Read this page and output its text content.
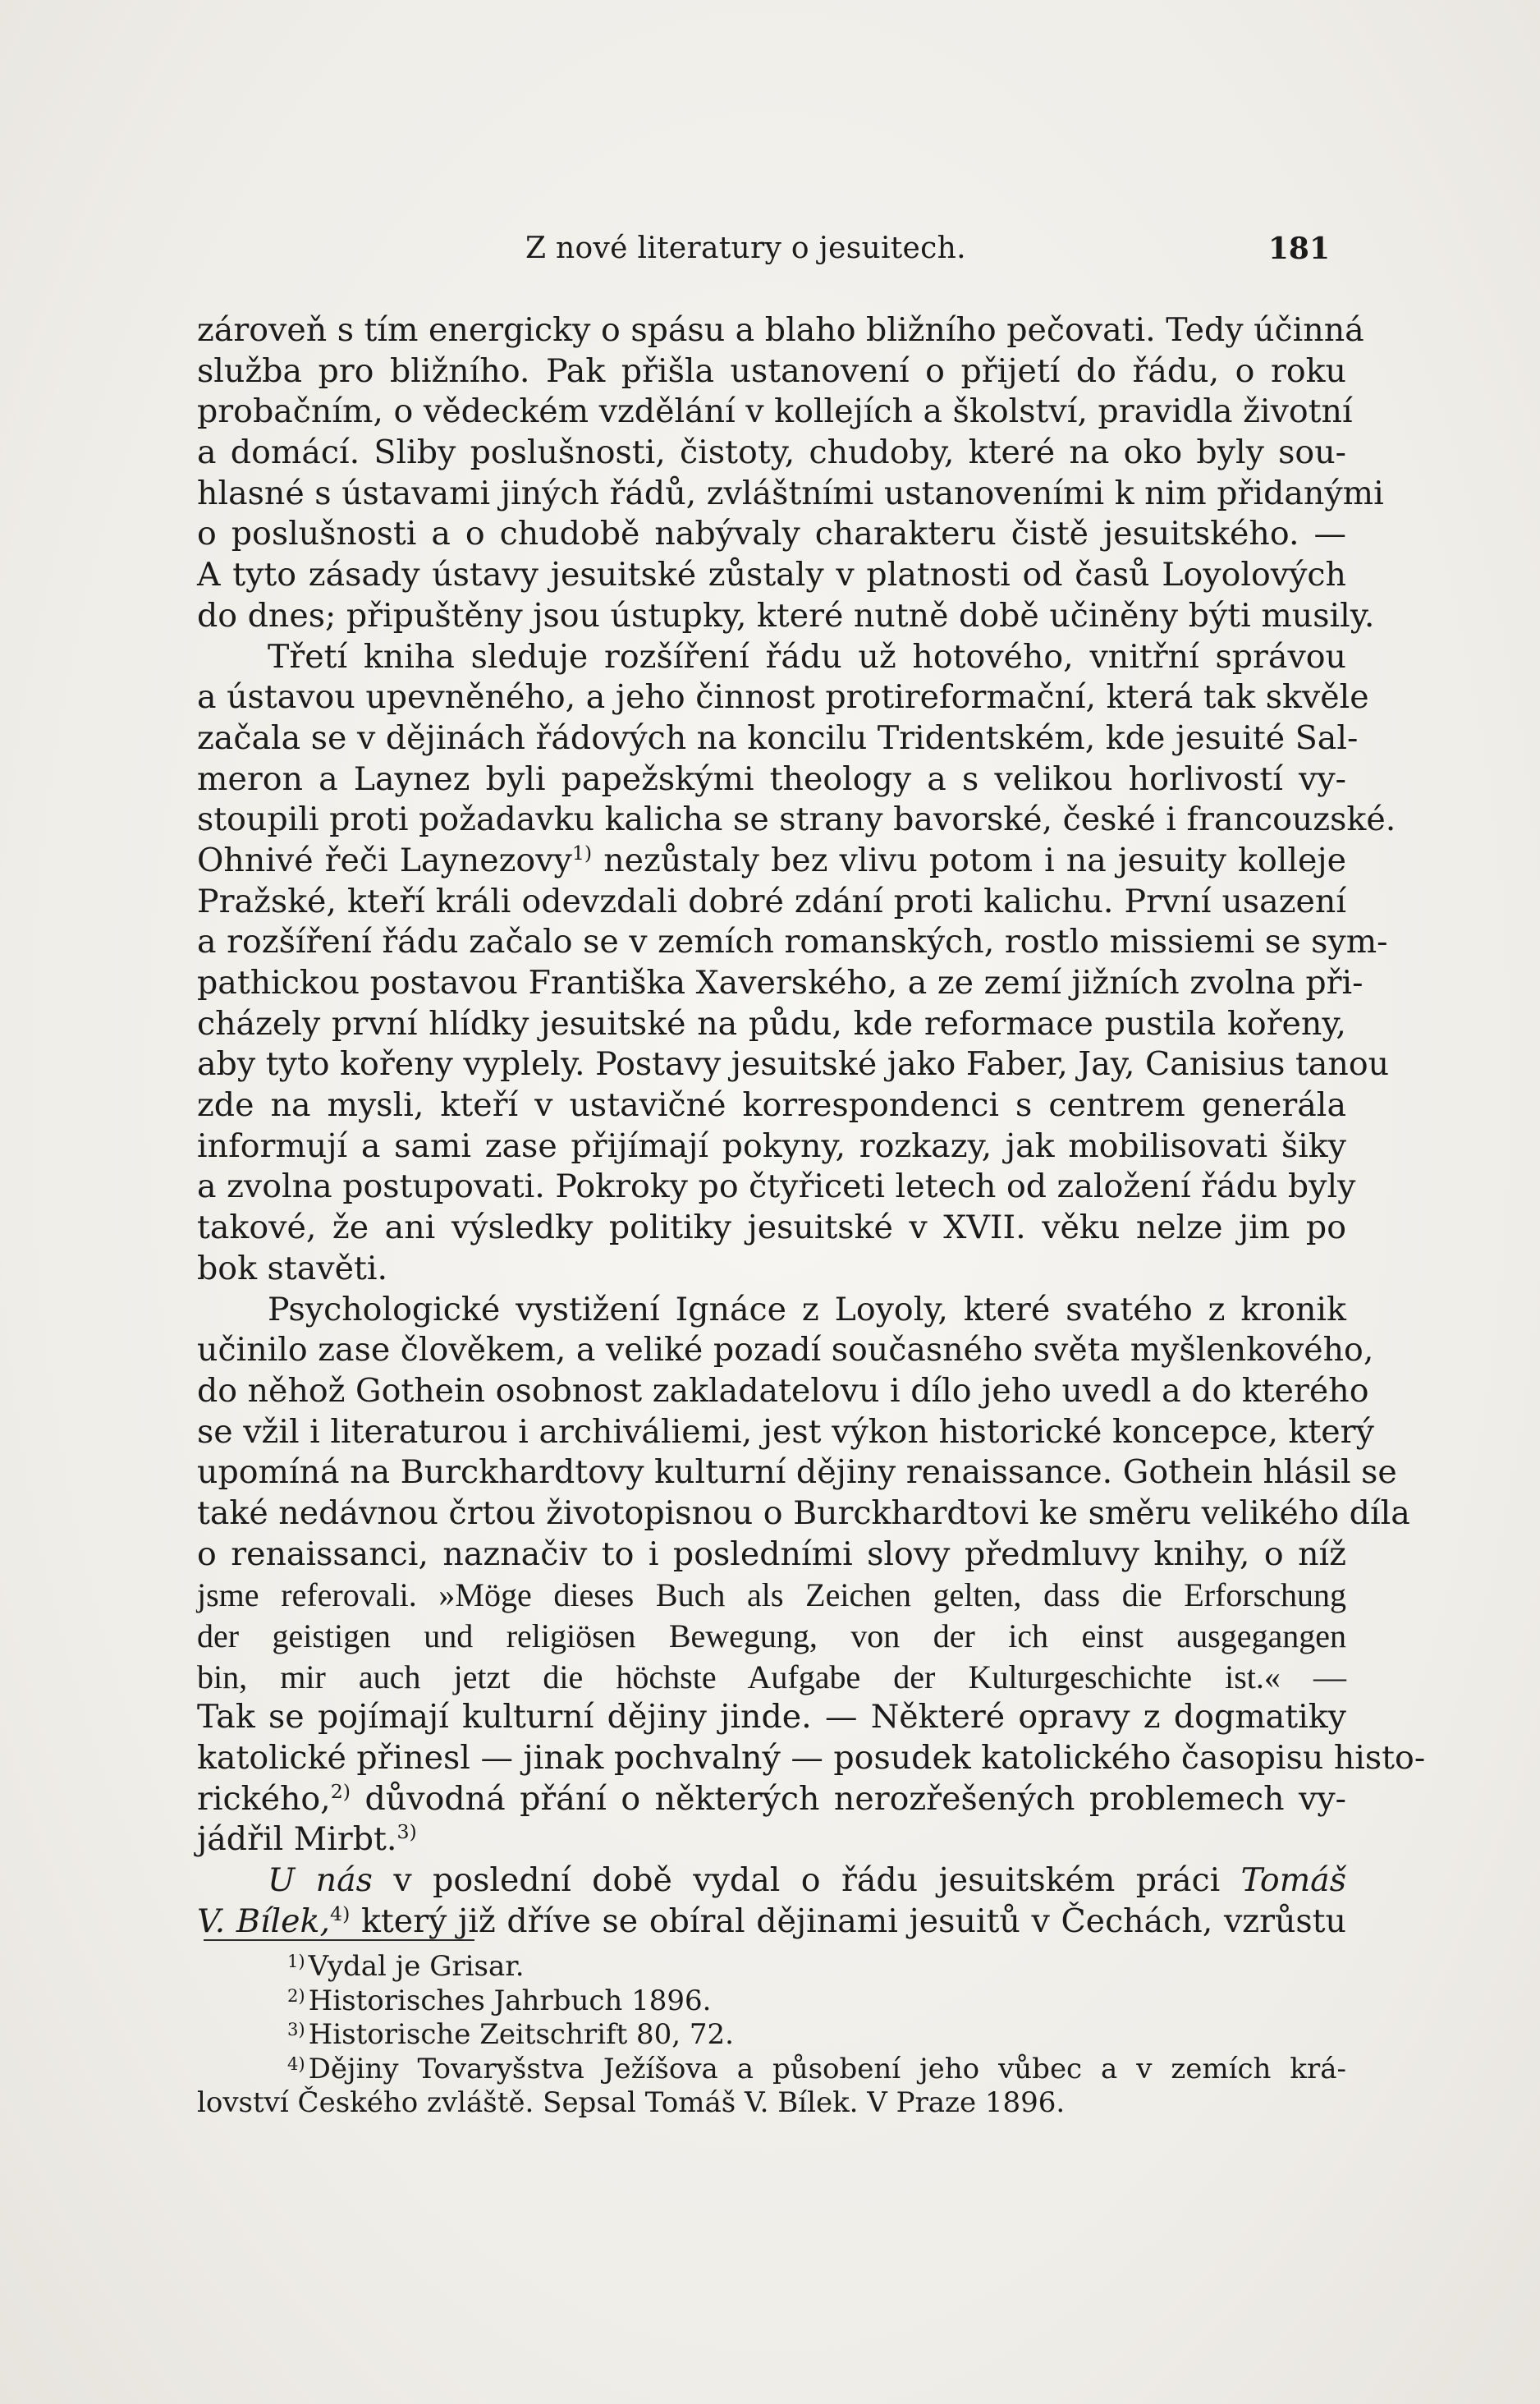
Z nové literatury o jesuitech.	181
zároveň s tím energicky o spásu a blaho bližního pečovati. Tedy účinná
služba pro bližního. Pak přišla ustanovení o přijetí do řádu, o roku
probačním, o vědeckém vzdělání v kollejích a školství, pravidla životní
a domácí. Sliby poslušnosti, čistoty, chudoby, které na oko byly sou-
hlasné s ústavami jiných řádů, zvláštními ustanoveními k nim přidanými
o poslušnosti a o chudobě nabývaly charakteru čistě jesuitského. —
A tyto zásady ústavy jesuitské zůstaly v platnosti od časů Loyolových
do dnes; připuštěny jsou ústupky, které nutně době učiněny býti musily.
Třetí kniha sleduje rozšíření řádu už hotového, vnitřní správou
a ústavou upevněného, a jeho činnost protireformační, která tak skvěle
začala se v dějinách řádových na koncilu Tridentském, kde jesuité Sal-
meron a Laynez byli papežskými theology a s velikou horlivostí vy-
stoupili proti požadavku kalicha se strany bavorské, české i francouzské.
Ohnivé řeči Laynezovy$^{1)}$ nezůstaly bez vlivu potom i na jesuity kolleje
Pražské, kteří králi odevzdali dobré zdání proti kalichu. První usazení
a rozšíření řádu začalo se v zemích romanských, rostlo missiemi se sym-
pathickou postavou Františka Xaverského, a ze zemí jižních zvolna při-
cházely první hlídky jesuitské na půdu, kde reformace pustila kořeny,
aby tyto kořeny vyplely. Postavy jesuitské jako Faber, Jay, Canisius tanou
zde na mysli, kteří v ustavičné korrespondenci s centrem generála
informují a sami zase přijímají pokyny, rozkazy, jak mobilisovati šiky
a zvolna postupovati. Pokroky po čtyřiceti letech od založení řádu byly
takové, že ani výsledky politiky jesuitské v XVII. věku nelze jim po
bok stavěti.
Psychologické vystižení Ignáce z Loyoly, které svatého z kronik
učinilo zase člověkem, a veliké pozadí současného světa myšlenkového,
do něhož Gothein osobnost zakladatelovu i dílo jeho uvedl a do kterého
se vžil i literaturou i archiváliemi, jest výkon historické koncepce, který
upomíná na Burckhardtovy kulturní dějiny renaissance. Gothein hlásil se
také nedávnou črtou životopisnou o Burckhardtovi ke směru velikého díla
o renaissanci, naznačiv to i posledními slovy předmluvy knihy, o níž
jsme referovali. »Möge dieses Buch als Zeichen gelten, dass die Erforschung
der geistigen und religiösen Bewegung, von der ich einst ausgegangen
bin, mir auch jetzt die höchste Aufgabe der Kulturgeschichte ist.« —
Tak se pojímají kulturní dějiny jinde. — Některé opravy z dogmatiky
katolické přinesl — jinak pochvalný — posudek katolického časopisu histo-
rického,$^{2)}$ důvodná přání o některých nerozřešených problemech vy-
jádřil Mirbt.$^{3)}$
U nás v poslední době vydal o řádu jesuitském práci Tomáš
V. Bílek,$^{4)}$ který již dříve se obíral dějinami jesuitů v Čechách, vzrůstu
$^{1)}$ Vydal je Grisar.
$^{2)}$ Historisches Jahrbuch 1896.
$^{3)}$ Historische Zeitschrift 80, 72.
$^{4)}$ Dějiny Tovaryšstva Ježíšova a působení jeho vůbec a v zemích krá-
lovství Českého zvláště. Sepsal Tomáš V. Bílek. V Praze 1896.
